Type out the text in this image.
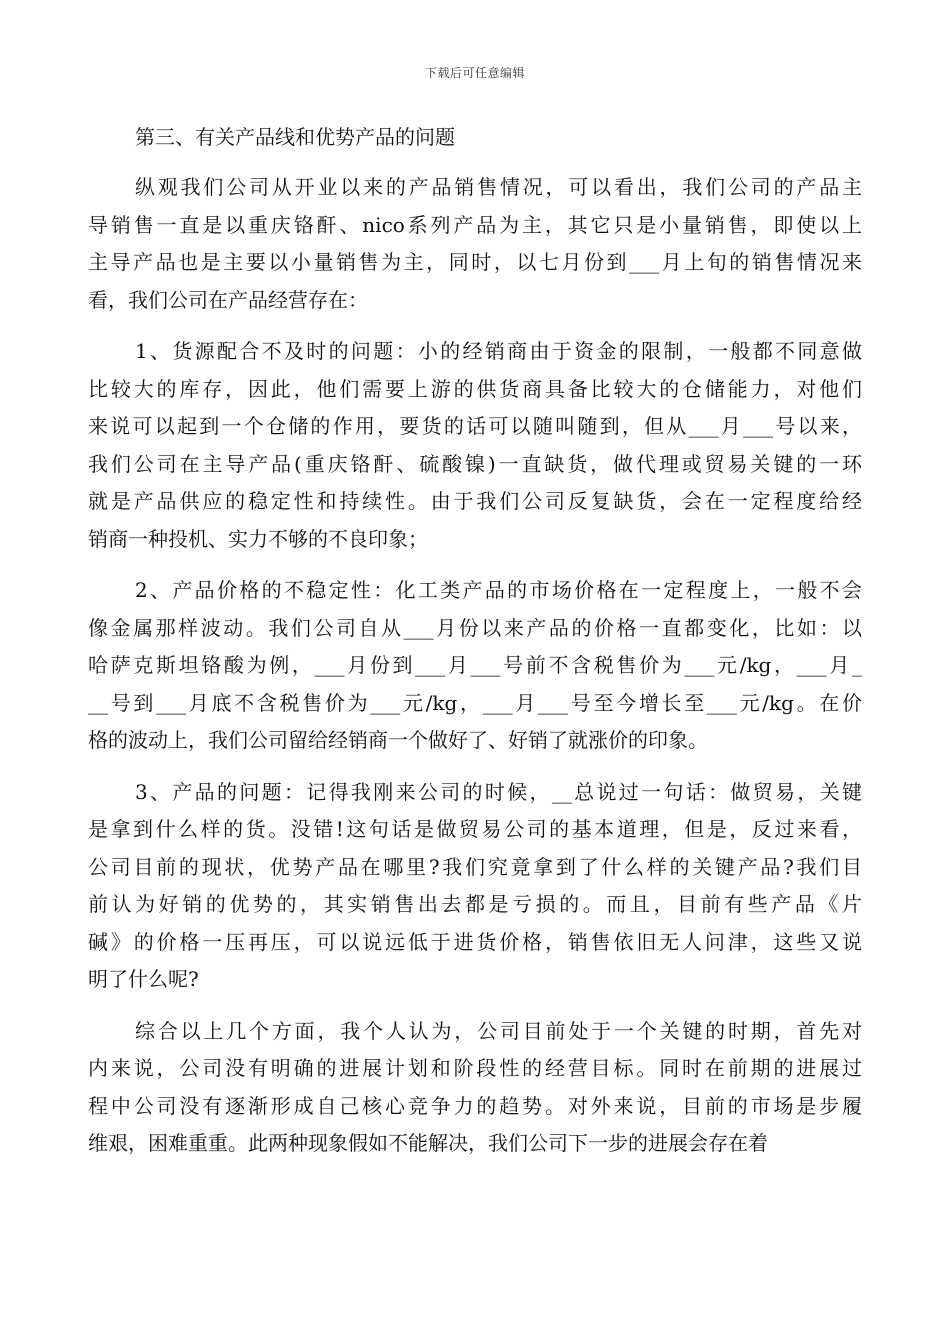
下载后可任意编辑
第三、有关产品线和优势产品的问题
纵观我们公司从开业以来的产品销售情况，可以看出，我们公司的产品主
导销售一直是以重庆铬酐、nico系列产品为主，其它只是小量销售，即使以上
主导产品也是主要以小量销售为主，同时，以七月份到___月上旬的销售情况来
看，我们公司在产品经营存在：
1、货源配合不及时的问题：小的经销商由于资金的限制，一般都不同意做
比较大的库存，因此，他们需要上游的供货商具备比较大的仓储能力，对他们
来说可以起到一个仓储的作用，要货的话可以随叫随到，但从___月___号以来，
我们公司在主导产品(重庆铬酐、硫酸镍)一直缺货，做代理或贸易关键的一环
就是产品供应的稳定性和持续性。由于我们公司反复缺货，会在一定程度给经
销商一种投机、实力不够的不良印象；
2、产品价格的不稳定性：化工类产品的市场价格在一定程度上，一般不会
像金属那样波动。我们公司自从___月份以来产品的价格一直都变化，比如：以
哈萨克斯坦铬酸为例，___月份到___月___号前不含税售价为___元/kg，___月_
__号到___月底不含税售价为___元/kg，___月___号至今增长至___元/kg。在价
格的波动上，我们公司留给经销商一个做好了、好销了就涨价的印象。
3、产品的问题：记得我刚来公司的时候，__总说过一句话：做贸易，关键
是拿到什么样的货。没错!这句话是做贸易公司的基本道理，但是，反过来看，
公司目前的现状，优势产品在哪里?我们究竟拿到了什么样的关键产品?我们目
前认为好销的优势的，其实销售出去都是亏损的。而且，目前有些产品《片
碱》的价格一压再压，可以说远低于进货价格，销售依旧无人问津，这些又说
明了什么呢?
综合以上几个方面，我个人认为，公司目前处于一个关键的时期，首先对
内来说，公司没有明确的进展计划和阶段性的经营目标。同时在前期的进展过
程中公司没有逐渐形成自己核心竞争力的趋势。对外来说，目前的市场是步履
维艰，困难重重。此两种现象假如不能解决，我们公司下一步的进展会存在着
